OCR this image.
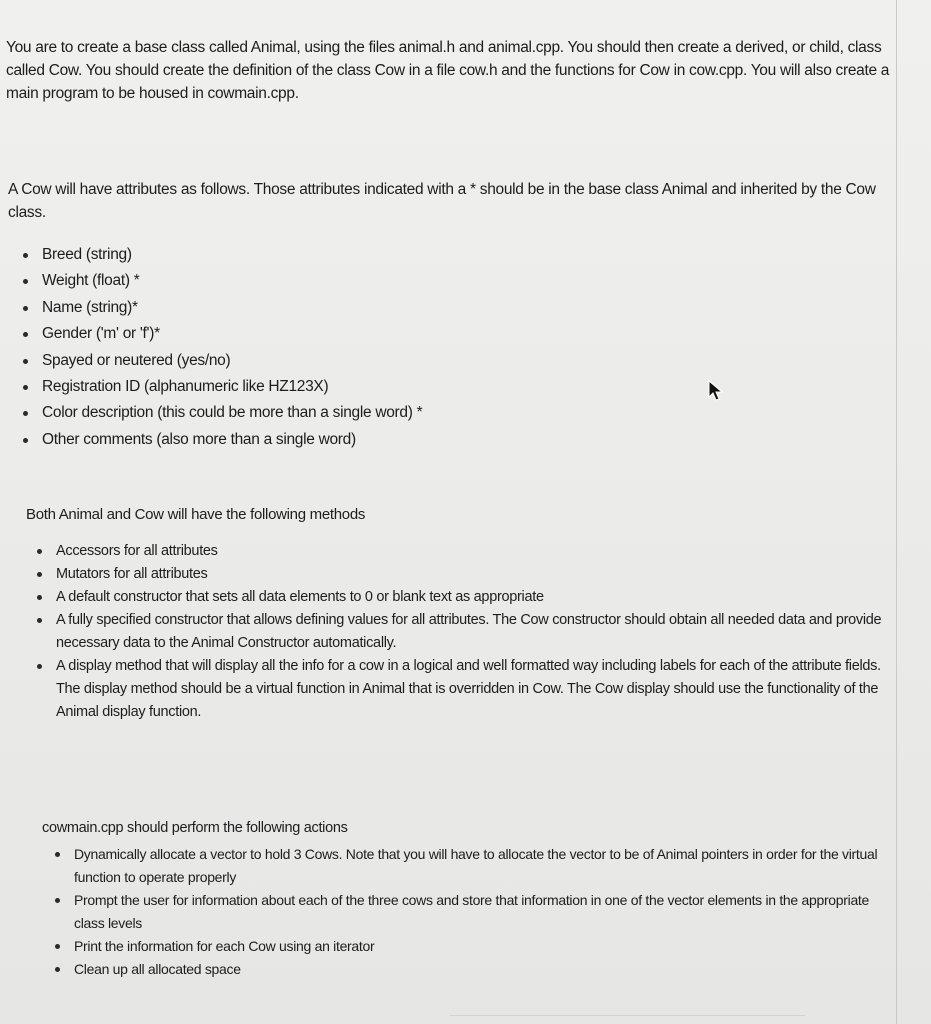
You are to create a base class called Animal, using the files animal.h and animal.cpp. You should then create a derived, or child, class called Cow. You should create the definition of the class Cow in a file cow.h and the functions for Cow in cow.cpp. You will also create a main program to be housed in cowmain.cpp.

A Cow will have attributes as follows. Those attributes indicated with a * should be in the base class Animal and inherited by the Cow class.

Breed (string)
Weight (float) *
Name (string)*
Gender ('m' or 'f')*
Spayed or neutered (yes/no)
Registration ID (alphanumeric like HZ123X)
Color description (this could be more than a single word) *
Other comments (also more than a single word)

Both Animal and Cow will have the following methods

Accessors for all attributes
Mutators for all attributes
A default constructor that sets all data elements to 0 or blank text as appropriate
A fully specified constructor that allows defining values for all attributes. The Cow constructor should obtain all needed data and provide necessary data to the Animal Constructor automatically.
A display method that will display all the info for a cow in a logical and well formatted way including labels for each of the attribute fields. The display method should be a virtual function in Animal that is overridden in Cow. The Cow display should use the functionality of the Animal display function.

cowmain.cpp should perform the following actions

Dynamically allocate a vector to hold 3 Cows. Note that you will have to allocate the vector to be of Animal pointers in order for the virtual function to operate properly
Prompt the user for information about each of the three cows and store that information in one of the vector elements in the appropriate class levels
Print the information for each Cow using an iterator
Clean up all allocated space
